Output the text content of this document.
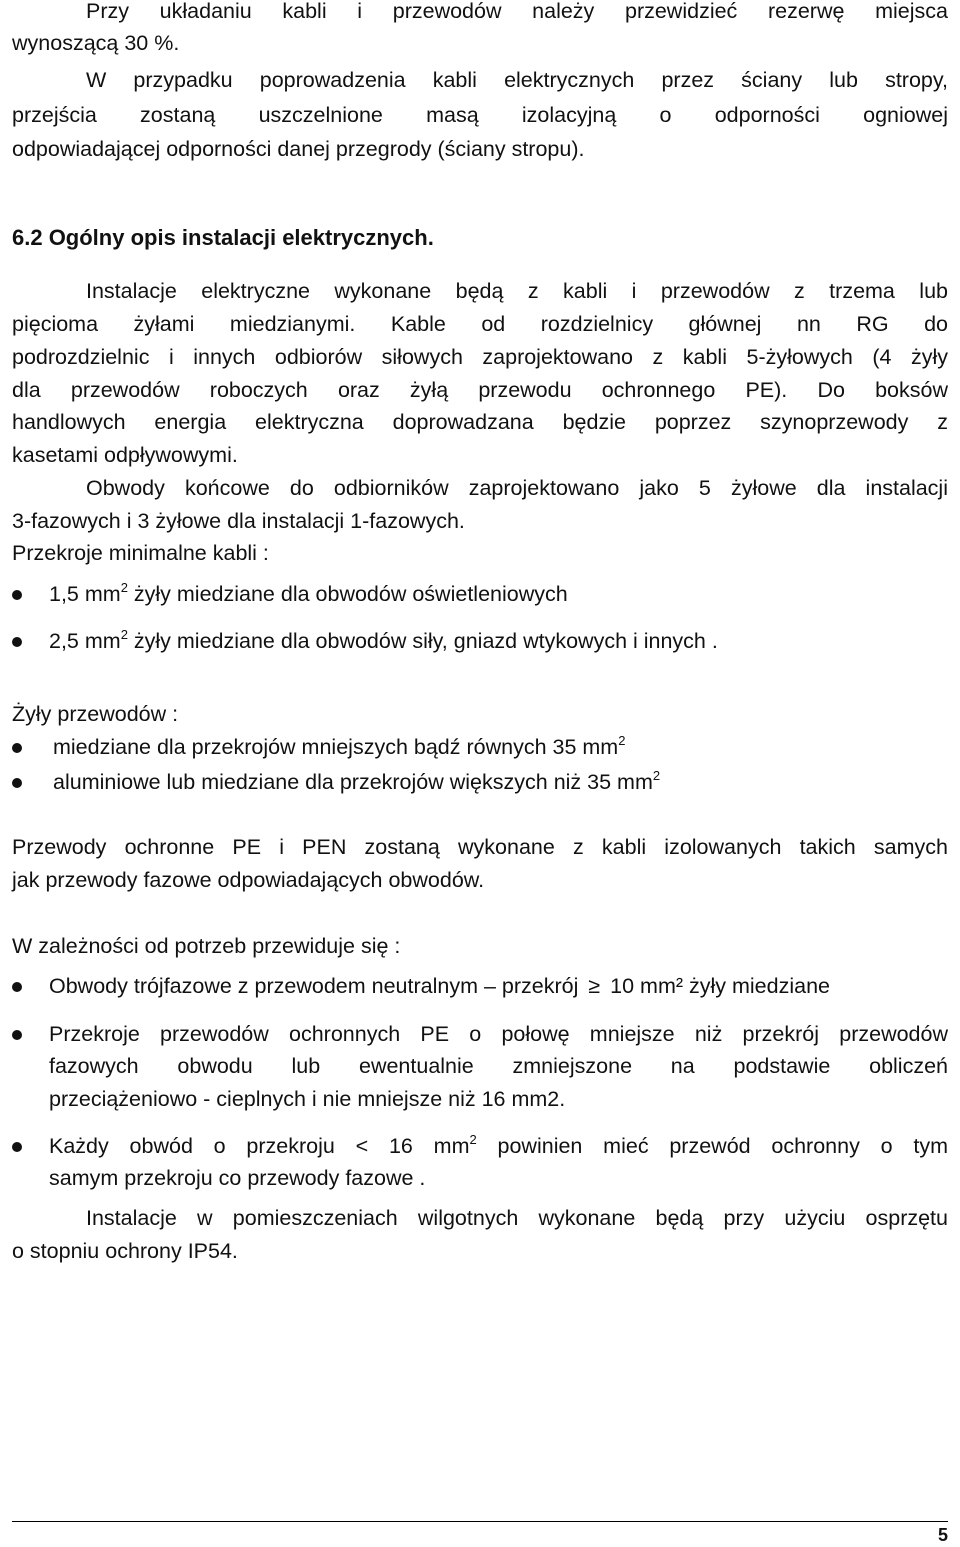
Przy układaniu kabli i przewodów należy przewidzieć rezerwę miejsca
wynoszącą 30 %.
W przypadku poprowadzenia kabli elektrycznych przez ściany lub stropy,
przejścia zostaną uszczelnione masą izolacyjną o odporności ogniowej
odpowiadającej odporności danej przegrody (ściany stropu).
6.2 Ogólny opis instalacji elektrycznych.
Instalacje elektryczne wykonane będą z kabli i przewodów z trzema lub
pięcioma żyłami miedzianymi. Kable od rozdzielnicy głównej nn RG do
podrozdzielnic i innych odbiorów siłowych zaprojektowano z kabli 5-żyłowych (4 żyły
dla przewodów roboczych oraz żyłą przewodu ochronnego PE). Do boksów
handlowych energia elektryczna doprowadzana będzie poprzez szynoprzewody z
kasetami odpływowymi.
Obwody końcowe do odbiorników zaprojektowano jako 5 żyłowe dla instalacji
3-fazowych i 3 żyłowe dla instalacji 1-fazowych.
Przekroje minimalne kabli :
1,5 $mm^2$ żyły miedziane dla obwodów oświetleniowych
2,5 $mm^2$ żyły miedziane dla obwodów siły, gniazd wtykowych i innych .
Żyły przewodów :
miedziane dla przekrojów mniejszych bądź równych 35 $mm^2$
aluminiowe lub miedziane dla przekrojów większych niż 35 $mm^2$
Przewody ochronne PE i PEN zostaną wykonane z kabli izolowanych takich samych
jak przewody fazowe odpowiadających obwodów.
W zależności od potrzeb przewiduje się :
Obwody trójfazowe z przewodem neutralnym – przekrój ≥ 10 mm² żyły miedziane
Przekroje przewodów ochronnych PE o połowę mniejsze niż przekrój przewodów
fazowych obwodu lub ewentualnie zmniejszone na podstawie obliczeń
przeciążeniowo - cieplnych i nie mniejsze niż 16 mm2.
Każdy obwód o przekroju < 16 $mm^2$ powinien mieć przewód ochronny o tym
samym przekroju co przewody fazowe .
Instalacje w pomieszczeniach wilgotnych wykonane będą przy użyciu osprzętu
o stopniu ochrony IP54.
5
